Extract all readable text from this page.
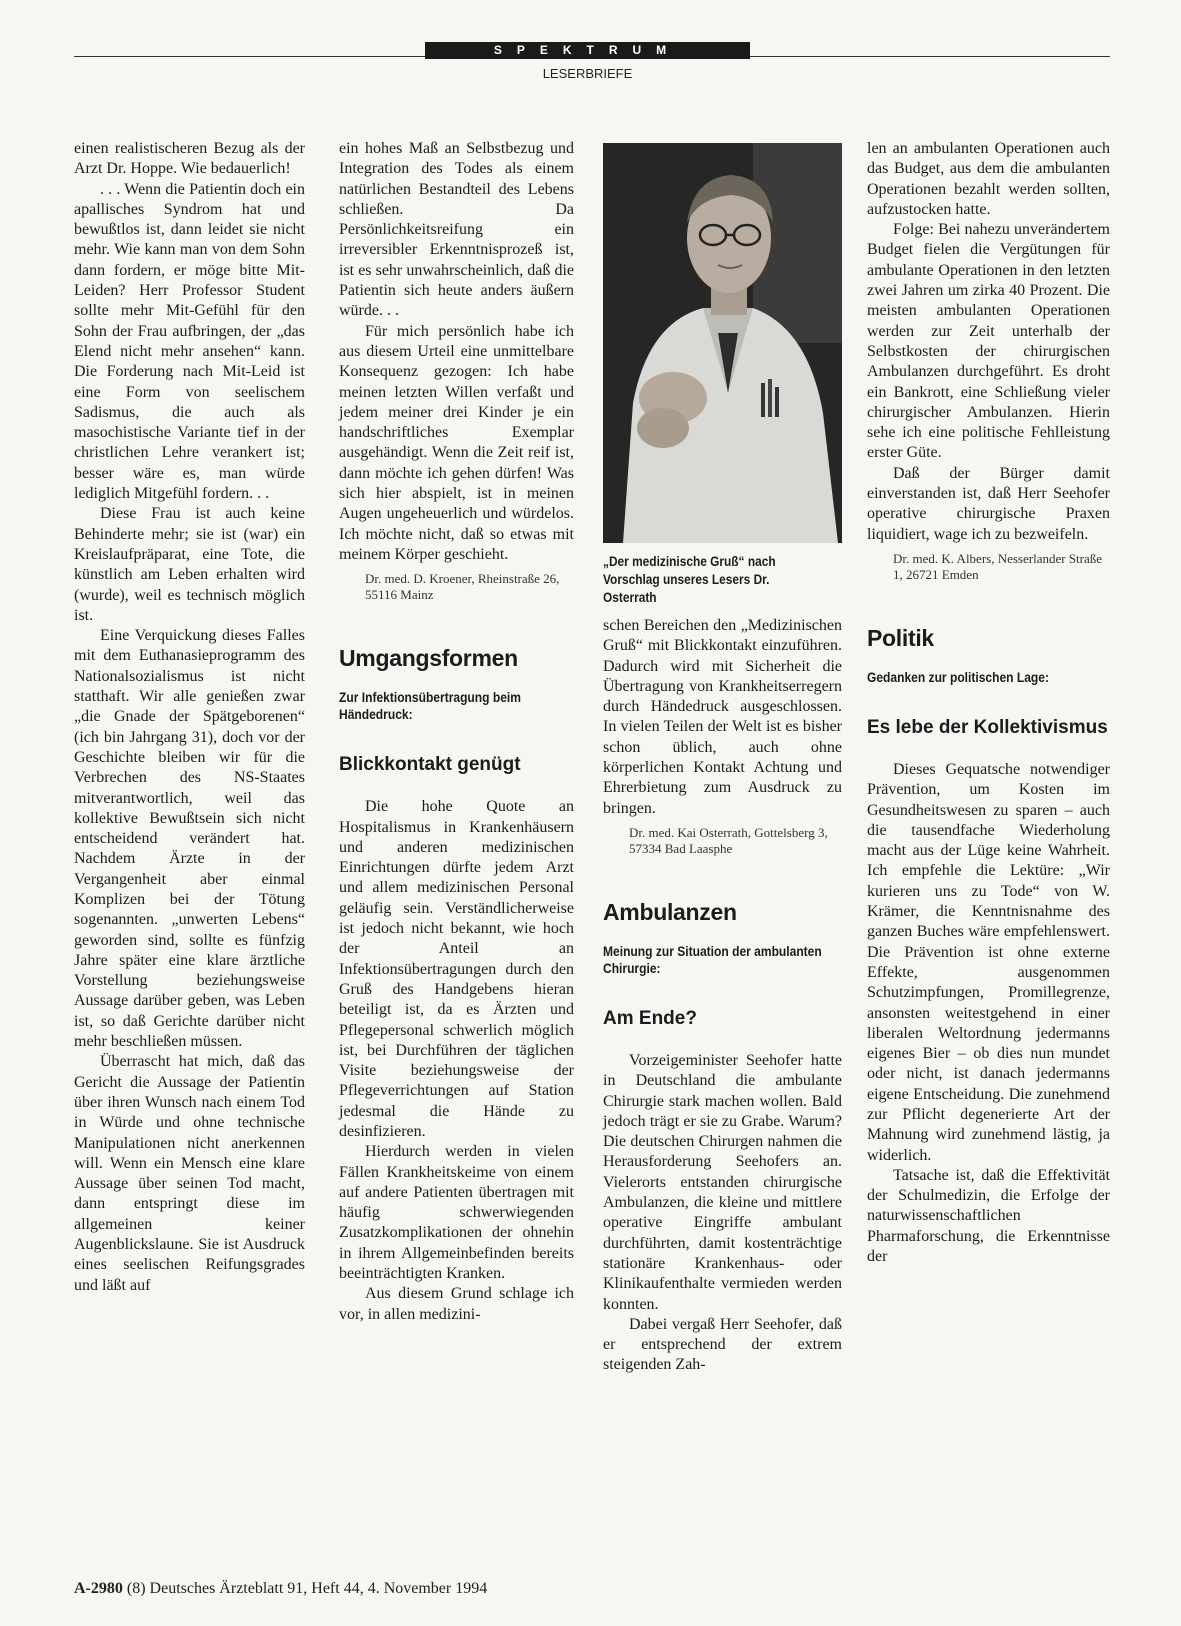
SPEKTRUM
LESERBRIEFE

einen realistischeren Bezug als der Arzt Dr. Hoppe. Wie bedauerlich!

. . . Wenn die Patientin doch ein apallisches Syndrom hat und bewußtlos ist, dann leidet sie nicht mehr. Wie kann man von dem Sohn dann fordern, er möge bitte Mit-Leiden? Herr Professor Student sollte mehr Mit-Gefühl für den Sohn der Frau aufbringen, der „das Elend nicht mehr ansehen“ kann. Die Forderung nach Mit-Leid ist eine Form von seelischem Sadismus, die auch als masochistische Variante tief in der christlichen Lehre verankert ist; besser wäre es, man würde lediglich Mitgefühl fordern. . .

Diese Frau ist auch keine Behinderte mehr; sie ist (war) ein Kreislaufpräparat, eine Tote, die künstlich am Leben erhalten wird (wurde), weil es technisch möglich ist.

Eine Verquickung dieses Falles mit dem Euthanasieprogramm des Nationalsozialismus ist nicht statthaft. Wir alle genießen zwar „die Gnade der Spätgeborenen“ (ich bin Jahrgang 31), doch vor der Geschichte bleiben wir für die Verbrechen des NS-Staates mitverantwortlich, weil das kollektive Bewußtsein sich nicht entscheidend verändert hat. Nachdem Ärzte in der Vergangenheit aber einmal Komplizen bei der Tötung sogenannten. „unwerten Lebens“ geworden sind, sollte es fünfzig Jahre später eine klare ärztliche Vorstellung beziehungsweise Aussage darüber geben, was Leben ist, so daß Gerichte darüber nicht mehr beschließen müssen.

Überrascht hat mich, daß das Gericht die Aussage der Patientin über ihren Wunsch nach einem Tod in Würde und ohne technische Manipulationen nicht anerkennen will. Wenn ein Mensch eine klare Aussage über seinen Tod macht, dann entspringt diese im allgemeinen keiner Augenblickslaune. Sie ist Ausdruck eines seelischen Reifungsgrades und läßt auf

ein hohes Maß an Selbstbezug und Integration des Todes als einem natürlichen Bestandteil des Lebens schließen. Da Persönlichkeitsreifung ein irreversibler Erkenntnisprozeß ist, ist es sehr unwahrscheinlich, daß die Patientin sich heute anders äußern würde. . .

Für mich persönlich habe ich aus diesem Urteil eine unmittelbare Konsequenz gezogen: Ich habe meinen letzten Willen verfaßt und jedem meiner drei Kinder je ein handschriftliches Exemplar ausgehändigt. Wenn die Zeit reif ist, dann möchte ich gehen dürfen! Was sich hier abspielt, ist in meinen Augen ungeheuerlich und würdelos. Ich möchte nicht, daß so etwas mit meinem Körper geschieht.

Dr. med. D. Kroener, Rheinstraße 26, 55116 Mainz

Umgangsformen
Zur Infektionsübertragung beim Händedruck:
Blickkontakt genügt

Die hohe Quote an Hospitalismus in Krankenhäusern und anderen medizinischen Einrichtungen dürfte jedem Arzt und allem medizinischen Personal geläufig sein. Verständlicherweise ist jedoch nicht bekannt, wie hoch der Anteil an Infektionsübertragungen durch den Gruß des Handgebens hieran beteiligt ist, da es Ärzten und Pflegepersonal schwerlich möglich ist, bei Durchführen der täglichen Visite beziehungsweise der Pflegeverrichtungen auf Station jedesmal die Hände zu desinfizieren.

Hierdurch werden in vielen Fällen Krankheitskeime von einem auf andere Patienten übertragen mit häufig schwerwiegenden Zusatzkomplikationen der ohnehin in ihrem Allgemeinbefinden bereits beeinträchtigten Kranken.

Aus diesem Grund schlage ich vor, in allen medizini-

„Der medizinische Gruß“ nach Vorschlag unseres Lesers Dr. Osterrath

schen Bereichen den „Medizinischen Gruß“ mit Blickkontakt einzuführen. Dadurch wird mit Sicherheit die Übertragung von Krankheitserregern durch Händedruck ausgeschlossen. In vielen Teilen der Welt ist es bisher schon üblich, auch ohne körperlichen Kontakt Achtung und Ehrerbietung zum Ausdruck zu bringen.

Dr. med. Kai Osterrath, Gottelsberg 3, 57334 Bad Laasphe

Ambulanzen
Meinung zur Situation der ambulanten Chirurgie:
Am Ende?

Vorzeigeminister Seehofer hatte in Deutschland die ambulante Chirurgie stark machen wollen. Bald jedoch trägt er sie zu Grabe. Warum? Die deutschen Chirurgen nahmen die Herausforderung Seehofers an. Vielerorts entstanden chirurgische Ambulanzen, die kleine und mittlere operative Eingriffe ambulant durchführten, damit kostenträchtige stationäre Krankenhaus- oder Klinikaufenthalte vermieden werden konnten.

Dabei vergaß Herr Seehofer, daß er entsprechend der extrem steigenden Zah-

len an ambulanten Operationen auch das Budget, aus dem die ambulanten Operationen bezahlt werden sollten, aufzustocken hatte.

Folge: Bei nahezu unverändertem Budget fielen die Vergütungen für ambulante Operationen in den letzten zwei Jahren um zirka 40 Prozent. Die meisten ambulanten Operationen werden zur Zeit unterhalb der Selbstkosten der chirurgischen Ambulanzen durchgeführt. Es droht ein Bankrott, eine Schließung vieler chirurgischer Ambulanzen. Hierin sehe ich eine politische Fehlleistung erster Güte.

Daß der Bürger damit einverstanden ist, daß Herr Seehofer operative chirurgische Praxen liquidiert, wage ich zu bezweifeln.

Dr. med. K. Albers, Nesserlander Straße 1, 26721 Emden

Politik
Gedanken zur politischen Lage:
Es lebe der Kollektivismus

Dieses Gequatsche notwendiger Prävention, um Kosten im Gesundheitswesen zu sparen – auch die tausendfache Wiederholung macht aus der Lüge keine Wahrheit. Ich empfehle die Lektüre: „Wir kurieren uns zu Tode“ von W. Krämer, die Kenntnisnahme des ganzen Buches wäre empfehlenswert. Die Prävention ist ohne externe Effekte, ausgenommen Schutzimpfungen, Promillegrenze, ansonsten weitestgehend in einer liberalen Weltordnung jedermanns eigenes Bier – ob dies nun mundet oder nicht, ist danach jedermanns eigene Entscheidung. Die zunehmend zur Pflicht degenerierte Art der Mahnung wird zunehmend lästig, ja widerlich.

Tatsache ist, daß die Effektivität der Schulmedizin, die Erfolge der naturwissenschaftlichen Pharmaforschung, die Erkenntnisse der

A-2980 (8) Deutsches Ärzteblatt 91, Heft 44, 4. November 1994
